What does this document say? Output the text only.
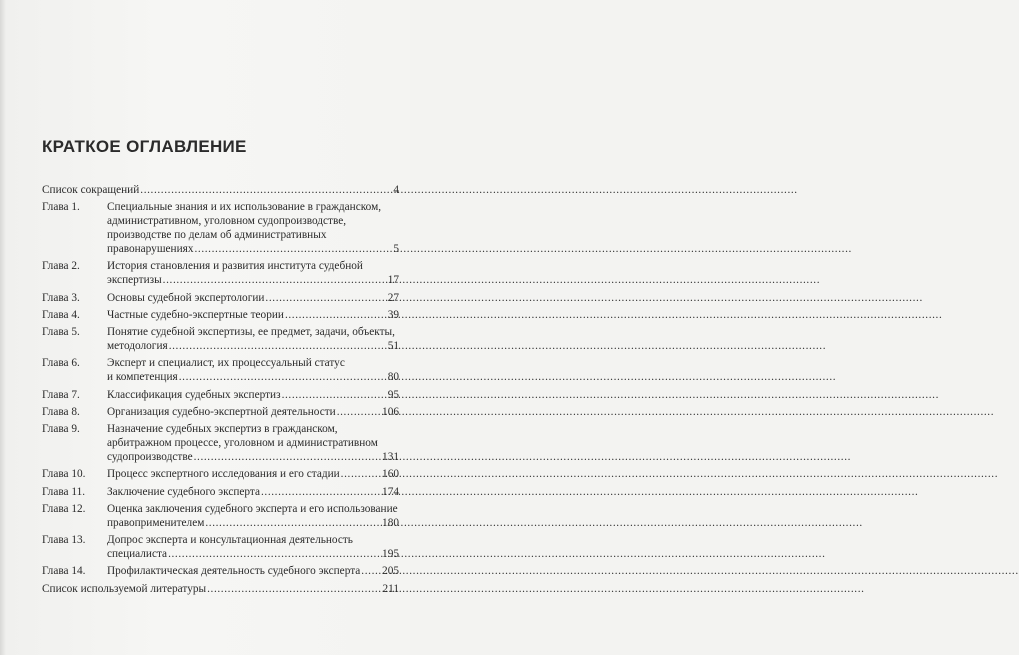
КРАТКОЕ ОГЛАВЛЕНИЕ
Список сокращений .....	4
Глава 1.	Специальные знания и их использование в гражданском,
административном, уголовном судопроизводстве,
производстве по делам об административных
правонарушениях .....	5
Глава 2.	История становления и развития института судебной
экспертизы .....	17
Глава 3.	Основы судебной экспертологии .....	27
Глава 4.	Частные судебно-экспертные теории .....	39
Глава 5.	Понятие судебной экспертизы, ее предмет, задачи, объекты,
методология .....	51
Глава 6.	Эксперт и специалист, их процессуальный статус
и компетенция .....	80
Глава 7.	Классификация судебных экспертиз .....	95
Глава 8.	Организация судебно-экспертной деятельности .....	106
Глава 9.	Назначение судебных экспертиз в гражданском,
арбитражном процессе, уголовном и административном
судопроизводстве .....	131
Глава 10.	Процесс экспертного исследования и его стадии .....	160
Глава 11.	Заключение судебного эксперта .....	174
Глава 12.	Оценка заключения судебного эксперта и его использование
правоприменителем .....	180
Глава 13.	Допрос эксперта и консультационная деятельность
специалиста .....	195
Глава 14.	Профилактическая деятельность судебного эксперта ..... 205
Список используемой литературы .....	211
